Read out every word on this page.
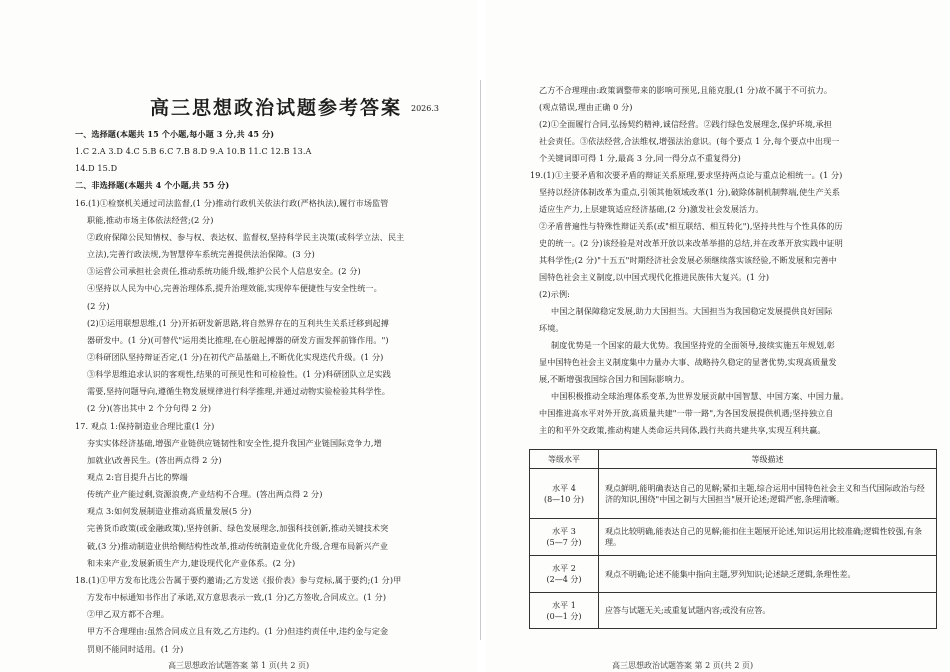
高三思想政治试题参考答案 2026.3
一、选择题(本题共 15 个小题,每小题 3 分,共 45 分)
1.C 2.A 3.D 4.C 5.B 6.C 7.B 8.D 9.A 10.B 11.C 12.B 13.A
14.D 15.D
二、非选择题(本题共 4 个小题,共 55 分)
16.(1)①检察机关通过司法监督,(1 分)推动行政机关依法行政(严格执法),履行市场监管
职能,推动市场主体依法经营;(2 分)
②政府保障公民知情权、参与权、表达权、监督权,坚持科学民主决策(或科学立法、民主
立法),完善行政法规,为智慧停车系统完善提供法治保障。(3 分)
③运营公司承担社会责任,推动系统功能升级,维护公民个人信息安全。(2 分)
④坚持以人民为中心,完善治理体系,提升治理效能,实现停车便捷性与安全性统一。
(2 分)
(2)①运用联想思维,(1 分)开拓研发新思路,将自然界存在的互利共生关系迁移到起搏
器研发中。(1 分)(可替代"运用类比推理,在心脏起搏器的研发方面发挥前锋作用。")
②科研团队坚持辩证否定,(1 分)在初代产品基础上,不断优化实现迭代升级。(1 分)
③科学思维追求认识的客观性,结果的可预见性和可检验性。(1 分)科研团队立足实践
需要,坚持问题导向,遵循生物发展规律进行科学推理,并通过动物实验检验其科学性。
(2 分)(答出其中 2 个分句得 2 分)
17. 观点 1:保持制造业合理比重(1 分)
夯实实体经济基础,增强产业链供应链韧性和安全性,提升我国产业链国际竞争力,增
加就业\改善民生。(答出两点得 2 分)
观点 2:盲目提升占比的弊端
传统产业产能过剩,资源浪费,产业结构不合理。(答出两点得 2 分)
观点 3:如何发展制造业推动高质量发展(5 分)
完善货币政策(或金融政策),坚持创新、绿色发展理念,加强科技创新,推动关键技术突
破,(3 分)推动制造业供给侧结构性改革,推动传统制造业优化升级,合理布局新兴产业
和未来产业,发展新质生产力,建设现代化产业体系。(2 分)
18.(1)①甲方发布比选公告属于要约邀请;乙方发送《报价表》参与竞标,属于要约;(1 分)甲
方发布中标通知书作出了承诺,双方意思表示一致,(1 分)乙方签收,合同成立。(1 分)
②甲乙双方都不合理。
甲方不合理理由:虽然合同成立且有效,乙方违约。(1 分)但违约责任中,违约金与定金
罚则不能同时适用。(1 分)
高三思想政治试题答案 第 1 页(共 2 页)
乙方不合理理由:政策调整带来的影响可预见,且能克服,(1 分)故不属于不可抗力。
(观点错误,理由正确 0 分)
(2)①全面履行合同,弘扬契约精神,诚信经营。②践行绿色发展理念,保护环境,承担
社会责任。③依法经营,合法维权,增强法治意识。(每个要点 1 分,每个要点中出现一
个关键词即可得 1 分,最高 3 分,同一得分点不重复得分)
19.(1)①主要矛盾和次要矛盾的辩证关系原理,要求坚持两点论与重点论相统一。(1 分)
坚持以经济体制改革为重点,引领其他领域改革(1 分),破除体制机制弊端,使生产关系
适应生产力,上层建筑适应经济基础,(2 分)激发社会发展活力。
②矛盾普遍性与特殊性辩证关系(或"相互联结、相互转化"),坚持共性与个性具体的历
史的统一。(2 分)该经验是对改革开放以来改革举措的总结,并在改革开放实践中证明
其科学性;(2 分)"十五五"时期经济社会发展必须继续落实该经验,不断发展和完善中
国特色社会主义制度,以中国式现代化推进民族伟大复兴。(1 分)
(2)示例:
中国之制保障稳定发展,助力大国担当。大国担当为我国稳定发展提供良好国际
环境。
制度优势是一个国家的最大优势。我国坚持党的全面领导,接续实施五年规划,彰
显中国特色社会主义制度集中力量办大事、战略持久稳定的显著优势,实现高质量发
展,不断增强我国综合国力和国际影响力。
中国积极推动全球治理体系变革,为世界发展贡献中国智慧、中国方案、中国力量。
中国推进高水平对外开放,高质量共建"一带一路",为各国发展提供机遇;坚持独立自
主的和平外交政策,推动构建人类命运共同体,践行共商共建共享,实现互利共赢。
等级水平	等级描述

水平 4
(8—10 分)	观点鲜明,能明确表达自己的见解;紧扣主题,综合运用中国特色社会主义和当代国际政治与经济的知识,围绕"中国之制与大国担当"展开论述;逻辑严密,条理清晰。

水平 3
(5—7 分)	观点比较明确,能表达自己的见解;能扣住主题展开论述,知识运用比较准确;逻辑性较强,有条理。

水平 2
(2—4 分)	观点不明确;论述不能集中指向主题,罗列知识;论述缺乏逻辑,条理性差。

水平 1
(0—1 分)	应答与试题无关;或重复试题内容;或没有应答。
高三思想政治试题答案 第 2 页(共 2 页)
